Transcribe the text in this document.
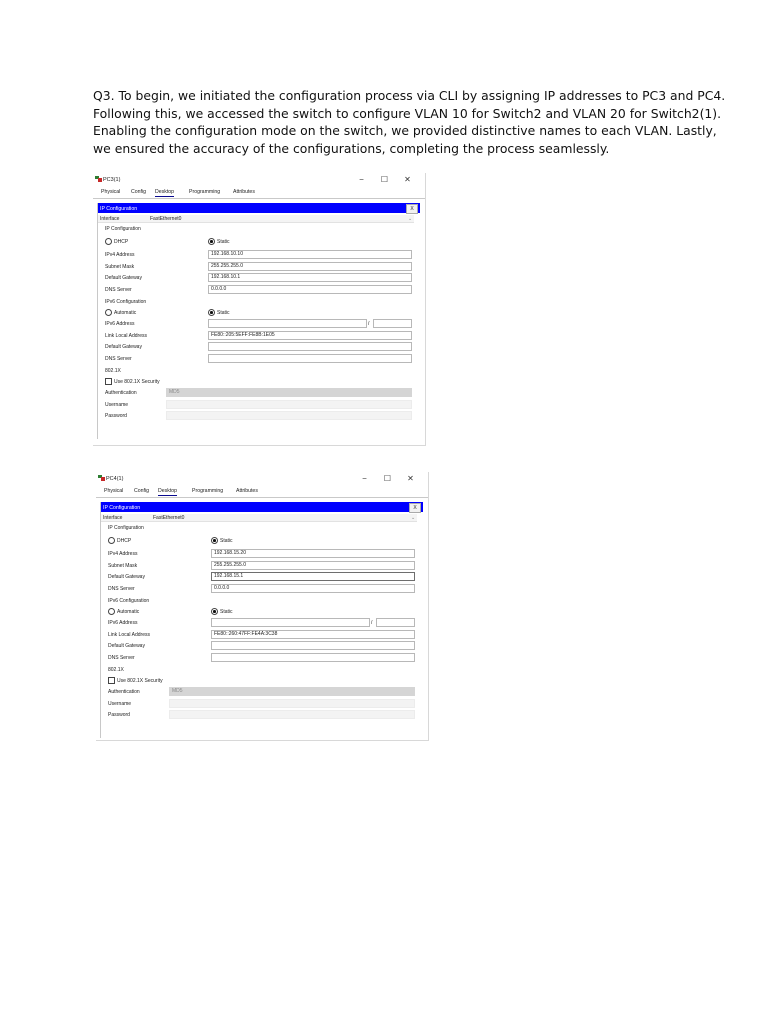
Q3. To begin, we initiated the configuration process via CLI by assigning IP addresses to PC3 and PC4.
Following this, we accessed the switch to configure VLAN 10 for Switch2 and VLAN 20 for Switch2(1).
Enabling the configuration mode on the switch, we provided distinctive names to each VLAN. Lastly,
we ensured the accuracy of the configurations, completing the process seamlessly.
PC3(1)	−	☐	✕
Physical Config Desktop	Programming Attributes
IP Configuration	X
Interface	FastEthernet0	⌄
IP Configuration
DHCP	Static
IPv4 Address	192.168.10.10
Subnet Mask	255.255.255.0
Default Gateway	192.168.10.1
DNS Server	0.0.0.0
IPv6 Configuration
Automatic	Static
IPv6 Address	/
Link Local Address	FE80::205:5EFF:FE8B:1E05
Default Gateway
DNS Server
802.1X
Use 802.1X Security
Authentication	MD5
Username
Password
PC4(1)	−	☐	✕
Physical Config Desktop	Programming Attributes
IP Configuration	X
Interface	FastEthernet0	⌄
IP Configuration
DHCP	Static
IPv4 Address	192.168.15.20
Subnet Mask	255.255.255.0
Default Gateway	192.168.15.1
DNS Server	0.0.0.0
IPv6 Configuration
Automatic	Static
IPv6 Address	/
Link Local Address	FE80::260:47FF:FE4A:3C38
Default Gateway
DNS Server
802.1X
Use 802.1X Security
Authentication	MD5
Username
Password
